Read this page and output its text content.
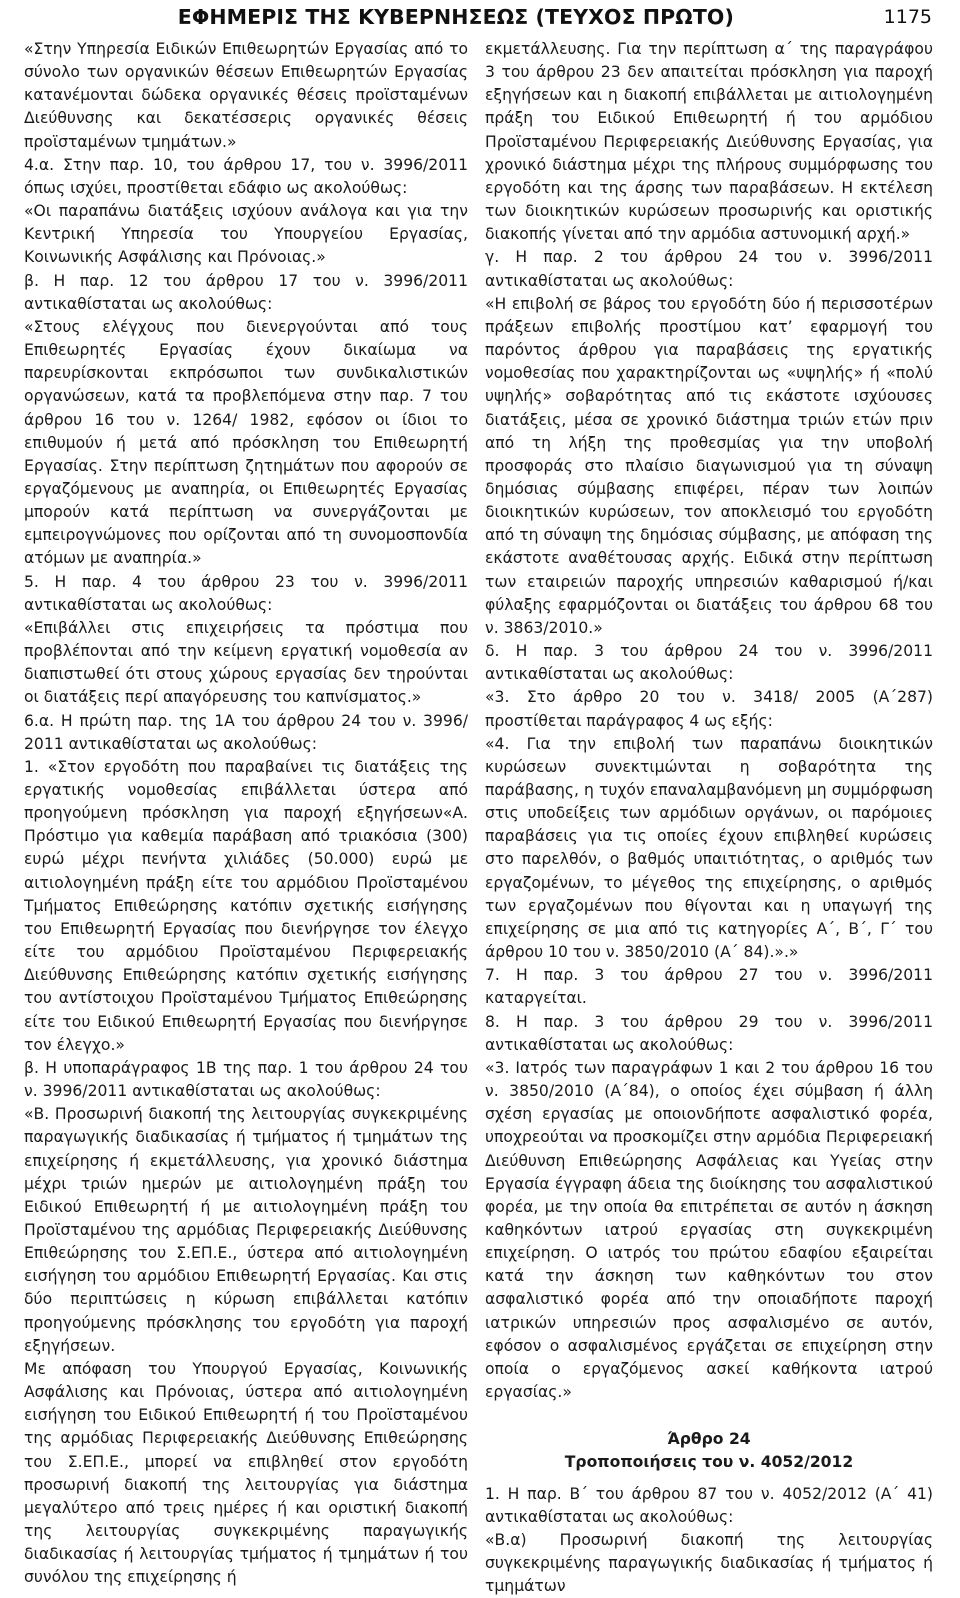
ΕΦΗΜΕΡΙΣ ΤΗΣ ΚΥΒΕΡΝΗΣΕΩΣ (ΤΕΥΧΟΣ ΠΡΩΤΟ)	1175

«Στην Υπηρεσία Ειδικών Επιθεωρητών Εργασίας από το σύνολο των οργανικών θέσεων Επιθεωρητών Εργασίας κατανέμονται δώδεκα οργανικές θέσεις προϊσταμένων Διεύθυνσης και δεκατέσσερις οργανικές θέσεις προϊσταμένων τμημάτων.»

4.α. Στην παρ. 10, του άρθρου 17, του ν. 3996/2011 όπως ισχύει, προστίθεται εδάφιο ως ακολούθως:

«Οι παραπάνω διατάξεις ισχύουν ανάλογα και για την Κεντρική Υπηρεσία του Υπουργείου Εργασίας, Κοινωνικής Ασφάλισης και Πρόνοιας.»

β. Η παρ. 12 του άρθρου 17 του ν. 3996/2011 αντικαθίσταται ως ακολούθως:

«Στους ελέγχους που διενεργούνται από τους Επιθεωρητές Εργασίας έχουν δικαίωμα να παρευρίσκονται εκπρόσωποι των συνδικαλιστικών οργανώσεων, κατά τα προβλεπόμενα στην παρ. 7 του άρθρου 16 του ν. 1264/ 1982, εφόσον οι ίδιοι το επιθυμούν ή μετά από πρόσκληση του Επιθεωρητή Εργασίας. Στην περίπτωση ζητημάτων που αφορούν σε εργαζόμενους με αναπηρία, οι Επιθεωρητές Εργασίας μπορούν κατά περίπτωση να συνεργάζονται με εμπειρογνώμονες που ορίζονται από τη συνομοσπονδία ατόμων με αναπηρία.»

5. Η παρ. 4 του άρθρου 23 του ν. 3996/2011 αντικαθίσταται ως ακολούθως:

«Επιβάλλει στις επιχειρήσεις τα πρόστιμα που προβλέπονται από την κείμενη εργατική νομοθεσία αν διαπιστωθεί ότι στους χώρους εργασίας δεν τηρούνται οι διατάξεις περί απαγόρευσης του καπνίσματος.»

6.α. Η πρώτη παρ. της 1Α του άρθρου 24 του ν. 3996/ 2011 αντικαθίσταται ως ακολούθως:

1. «Στον εργοδότη που παραβαίνει τις διατάξεις της εργατικής νομοθεσίας επιβάλλεται ύστερα από προηγούμενη πρόσκληση για παροχή εξηγήσεων«Α. Πρόστιμο για καθεμία παράβαση από τριακόσια (300) ευρώ μέχρι πενήντα χιλιάδες (50.000) ευρώ με αιτιολογημένη πράξη είτε του αρμόδιου Προϊσταμένου Τμήματος Επιθεώρησης κατόπιν σχετικής εισήγησης του Επιθεωρητή Εργασίας που διενήργησε τον έλεγχο είτε του αρμόδιου Προϊσταμένου Περιφερειακής Διεύθυνσης Επιθεώρησης κατόπιν σχετικής εισήγησης του αντίστοιχου Προϊσταμένου Τμήματος Επιθεώρησης είτε του Ειδικού Επιθεωρητή Εργασίας που διενήργησε τον έλεγχο.»

β. Η υποπαράγραφος 1Β της παρ. 1 του άρθρου 24 του ν. 3996/2011 αντικαθίσταται ως ακολούθως:

«Β. Προσωρινή διακοπή της λειτουργίας συγκεκριμένης παραγωγικής διαδικασίας ή τμήματος ή τμημάτων της επιχείρησης ή εκμετάλλευσης, για χρονικό διάστημα μέχρι τριών ημερών με αιτιολογημένη πράξη του Ειδικού Επιθεωρητή ή με αιτιολογημένη πράξη του Προϊσταμένου της αρμόδιας Περιφερειακής Διεύθυνσης Επιθεώρησης του Σ.ΕΠ.Ε., ύστερα από αιτιολογημένη εισήγηση του αρμόδιου Επιθεωρητή Εργασίας. Και στις δύο περιπτώσεις η κύρωση επιβάλλεται κατόπιν προηγούμενης πρόσκλησης του εργοδότη για παροχή εξηγήσεων.

Με απόφαση του Υπουργού Εργασίας, Κοινωνικής Ασφάλισης και Πρόνοιας, ύστερα από αιτιολογημένη εισήγηση του Ειδικού Επιθεωρητή ή του Προϊσταμένου της αρμόδιας Περιφερειακής Διεύθυνσης Επιθεώρησης του Σ.ΕΠ.Ε., μπορεί να επιβληθεί στον εργοδότη προσωρινή διακοπή της λειτουργίας για διάστημα μεγαλύτερο από τρεις ημέρες ή και οριστική διακοπή της λειτουργίας συγκεκριμένης παραγωγικής διαδικασίας ή λειτουργίας τμήματος ή τμημάτων ή του συνόλου της επιχείρησης ή

εκμετάλλευσης. Για την περίπτωση α΄ της παραγράφου 3 του άρθρου 23 δεν απαιτείται πρόσκληση για παροχή εξηγήσεων και η διακοπή επιβάλλεται με αιτιολογημένη πράξη του Ειδικού Επιθεωρητή ή του αρμόδιου Προϊσταμένου Περιφερειακής Διεύθυνσης Εργασίας, για χρονικό διάστημα μέχρι της πλήρους συμμόρφωσης του εργοδότη και της άρσης των παραβάσεων. Η εκτέλεση των διοικητικών κυρώσεων προσωρινής και οριστικής διακοπής γίνεται από την αρμόδια αστυνομική αρχή.»

γ. Η παρ. 2 του άρθρου 24 του ν. 3996/2011 αντικαθίσταται ως ακολούθως:

«Η επιβολή σε βάρος του εργοδότη δύο ή περισσοτέρων πράξεων επιβολής προστίμου κατ’ εφαρμογή του παρόντος άρθρου για παραβάσεις της εργατικής νομοθεσίας που χαρακτηρίζονται ως «υψηλής» ή «πολύ υψηλής» σοβαρότητας από τις εκάστοτε ισχύουσες διατάξεις, μέσα σε χρονικό διάστημα τριών ετών πριν από τη λήξη της προθεσμίας για την υποβολή προσφοράς στο πλαίσιο διαγωνισμού για τη σύναψη δημόσιας σύμβασης επιφέρει, πέραν των λοιπών διοικητικών κυρώσεων, τον αποκλεισμό του εργοδότη από τη σύναψη της δημόσιας σύμβασης, με απόφαση της εκάστοτε αναθέτουσας αρχής. Ειδικά στην περίπτωση των εταιρειών παροχής υπηρεσιών καθαρισμού ή/και φύλαξης εφαρμόζονται οι διατάξεις του άρθρου 68 του ν. 3863/2010.»

δ. Η παρ. 3 του άρθρου 24 του ν. 3996/2011 αντικαθίσταται ως ακολούθως:

«3. Στο άρθρο 20 του ν. 3418/ 2005 (Α΄287) προστίθεται παράγραφος 4 ως εξής:

«4. Για την επιβολή των παραπάνω διοικητικών κυρώσεων συνεκτιμώνται η σοβαρότητα της παράβασης, η τυχόν επαναλαμβανόμενη μη συμμόρφωση στις υποδείξεις των αρμόδιων οργάνων, οι παρόμοιες παραβάσεις για τις οποίες έχουν επιβληθεί κυρώσεις στο παρελθόν, ο βαθμός υπαιτιότητας, ο αριθμός των εργαζομένων, το μέγεθος της επιχείρησης, ο αριθμός των εργαζομένων που θίγονται και η υπαγωγή της επιχείρησης σε μια από τις κατηγορίες Α΄, Β΄, Γ΄ του άρθρου 10 του ν. 3850/2010 (Α΄ 84).».»

7. Η παρ. 3 του άρθρου 27 του ν. 3996/2011 καταργείται.

8. Η παρ. 3 του άρθρου 29 του ν. 3996/2011 αντικαθίσταται ως ακολούθως:

«3. Ιατρός των παραγράφων 1 και 2 του άρθρου 16 του ν. 3850/2010 (Α΄84), ο οποίος έχει σύμβαση ή άλλη σχέση εργασίας με οποιονδήποτε ασφαλιστικό φορέα, υποχρεούται να προσκομίζει στην αρμόδια Περιφερειακή Διεύθυνση Επιθεώρησης Ασφάλειας και Υγείας στην Εργασία έγγραφη άδεια της διοίκησης του ασφαλιστικού φορέα, με την οποία θα επιτρέπεται σε αυτόν η άσκηση καθηκόντων ιατρού εργασίας στη συγκεκριμένη επιχείρηση. Ο ιατρός του πρώτου εδαφίου εξαιρείται κατά την άσκηση των καθηκόντων του στον ασφαλιστικό φορέα από την οποιαδήποτε παροχή ιατρικών υπηρεσιών προς ασφαλισμένο σε αυτόν, εφόσον ο ασφαλισμένος εργάζεται σε επιχείρηση στην οποία ο εργαζόμενος ασκεί καθήκοντα ιατρού εργασίας.»

Άρθρο 24

Τροποποιήσεις του ν. 4052/2012

1. Η παρ. Β΄ του άρθρου 87 του ν. 4052/2012 (Α΄ 41) αντικαθίσταται ως ακολούθως:

«Β.α) Προσωρινή διακοπή της λειτουργίας συγκεκριμένης παραγωγικής διαδικασίας ή τμήματος ή τμημάτων
